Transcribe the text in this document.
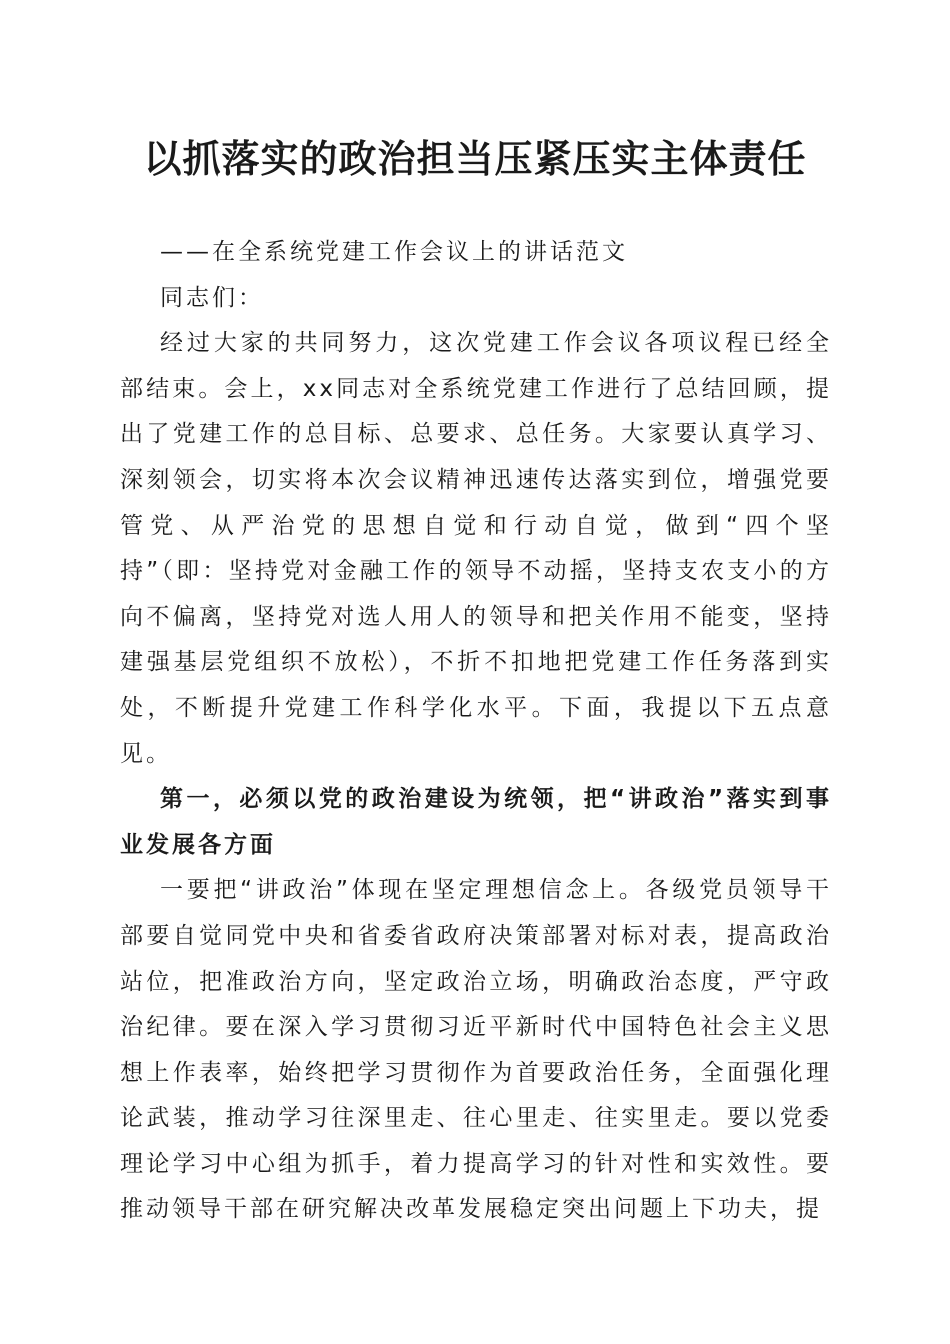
以抓落实的政治担当压紧压实主体责任

——在全系统党建工作会议上的讲话范文

同志们：

经过大家的共同努力，这次党建工作会议各项议程已经全部结束。会上，xx同志对全系统党建工作进行了总结回顾，提出了党建工作的总目标、总要求、总任务。大家要认真学习、深刻领会，切实将本次会议精神迅速传达落实到位，增强党要管党、从严治党的思想自觉和行动自觉，做到“四个坚持”（即：坚持党对金融工作的领导不动摇，坚持支农支小的方向不偏离，坚持党对选人用人的领导和把关作用不能变，坚持建强基层党组织不放松），不折不扣地把党建工作任务落到实处，不断提升党建工作科学化水平。下面，我提以下五点意见。

第一，必须以党的政治建设为统领，把“讲政治”落实到事业发展各方面

一要把“讲政治”体现在坚定理想信念上。各级党员领导干部要自觉同党中央和省委省政府决策部署对标对表，提高政治站位，把准政治方向，坚定政治立场，明确政治态度，严守政治纪律。要在深入学习贯彻习近平新时代中国特色社会主义思想上作表率，始终把学习贯彻作为首要政治任务，全面强化理论武装，推动学习往深里走、往心里走、往实里走。要以党委理论学习中心组为抓手，着力提高学习的针对性和实效性。要推动领导干部在研究解决改革发展稳定突出问题上下功夫，提
